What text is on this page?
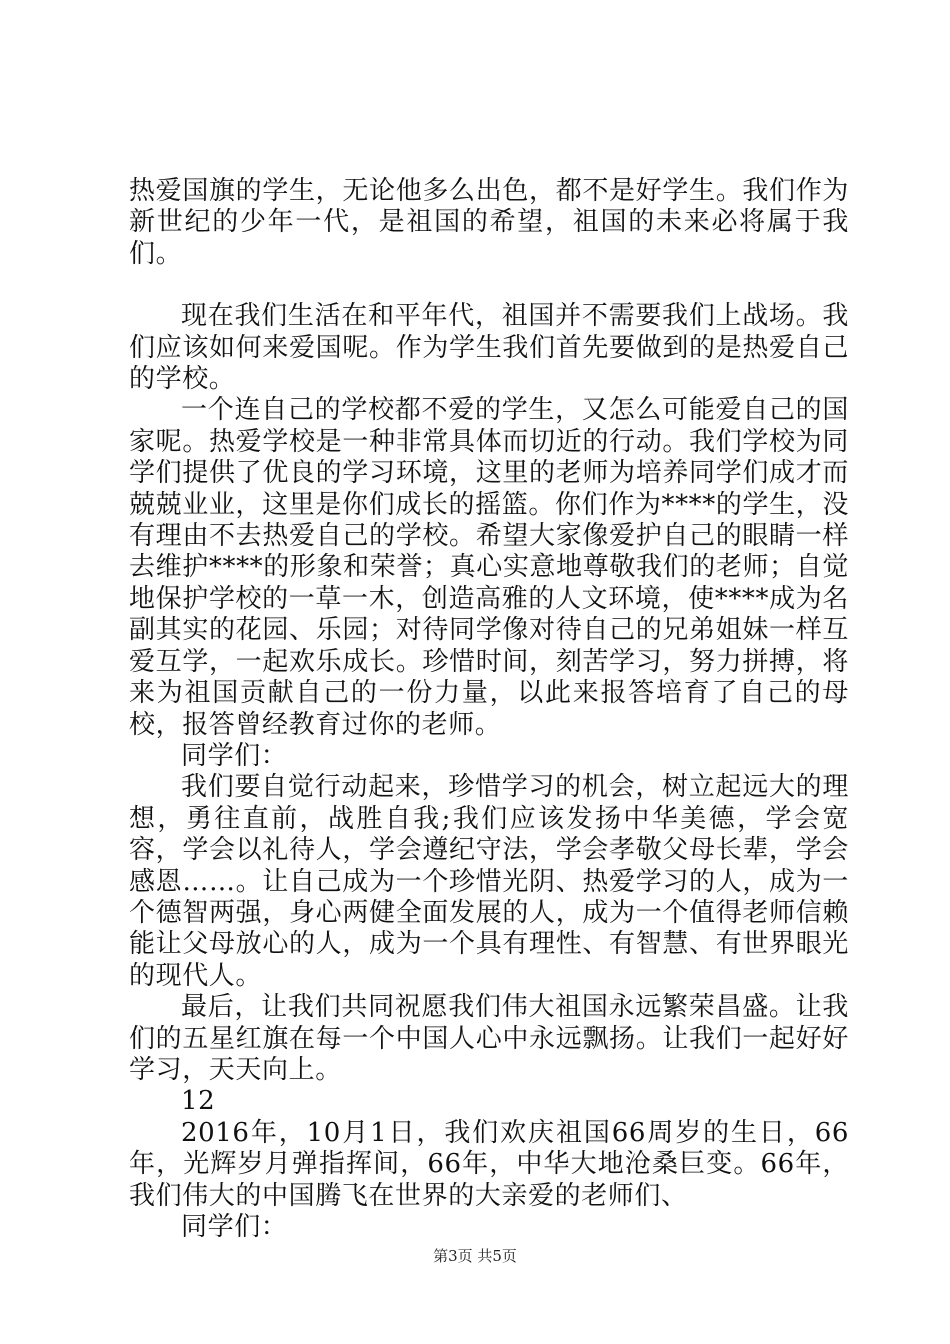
热爱国旗的学生，无论他多么出色，都不是好学生。我们作为新世纪的少年一代，是祖国的希望，祖国的未来必将属于我们。

现在我们生活在和平年代，祖国并不需要我们上战场。我们应该如何来爱国呢。作为学生我们首先要做到的是热爱自己的学校。

一个连自己的学校都不爱的学生，又怎么可能爱自己的国家呢。热爱学校是一种非常具体而切近的行动。我们学校为同学们提供了优良的学习环境，这里的老师为培养同学们成才而兢兢业业，这里是你们成长的摇篮。你们作为****的学生，没有理由不去热爱自己的学校。希望大家像爱护自己的眼睛一样去维护****的形象和荣誉；真心实意地尊敬我们的老师；自觉地保护学校的一草一木，创造高雅的人文环境，使****成为名副其实的花园、乐园；对待同学像对待自己的兄弟姐妹一样互爱互学，一起欢乐成长。珍惜时间，刻苦学习，努力拼搏，将来为祖国贡献自己的一份力量，以此来报答培育了自己的母校，报答曾经教育过你的老师。

同学们：

我们要自觉行动起来，珍惜学习的机会，树立起远大的理想，勇往直前，战胜自我;我们应该发扬中华美德，学会宽容，学会以礼待人，学会遵纪守法，学会孝敬父母长辈，学会感恩……。让自己成为一个珍惜光阴、热爱学习的人，成为一个德智两强，身心两健全面发展的人，成为一个值得老师信赖能让父母放心的人，成为一个具有理性、有智慧、有世界眼光的现代人。

最后，让我们共同祝愿我们伟大祖国永远繁荣昌盛。让我们的五星红旗在每一个中国人心中永远飘扬。让我们一起好好学习，天天向上。

12

2016年，10月1日，我们欢庆祖国66周岁的生日，66年，光辉岁月弹指挥间，66年，中华大地沧桑巨变。66年，我们伟大的中国腾飞在世界的大亲爱的老师们、

同学们：

第3页 共5页
